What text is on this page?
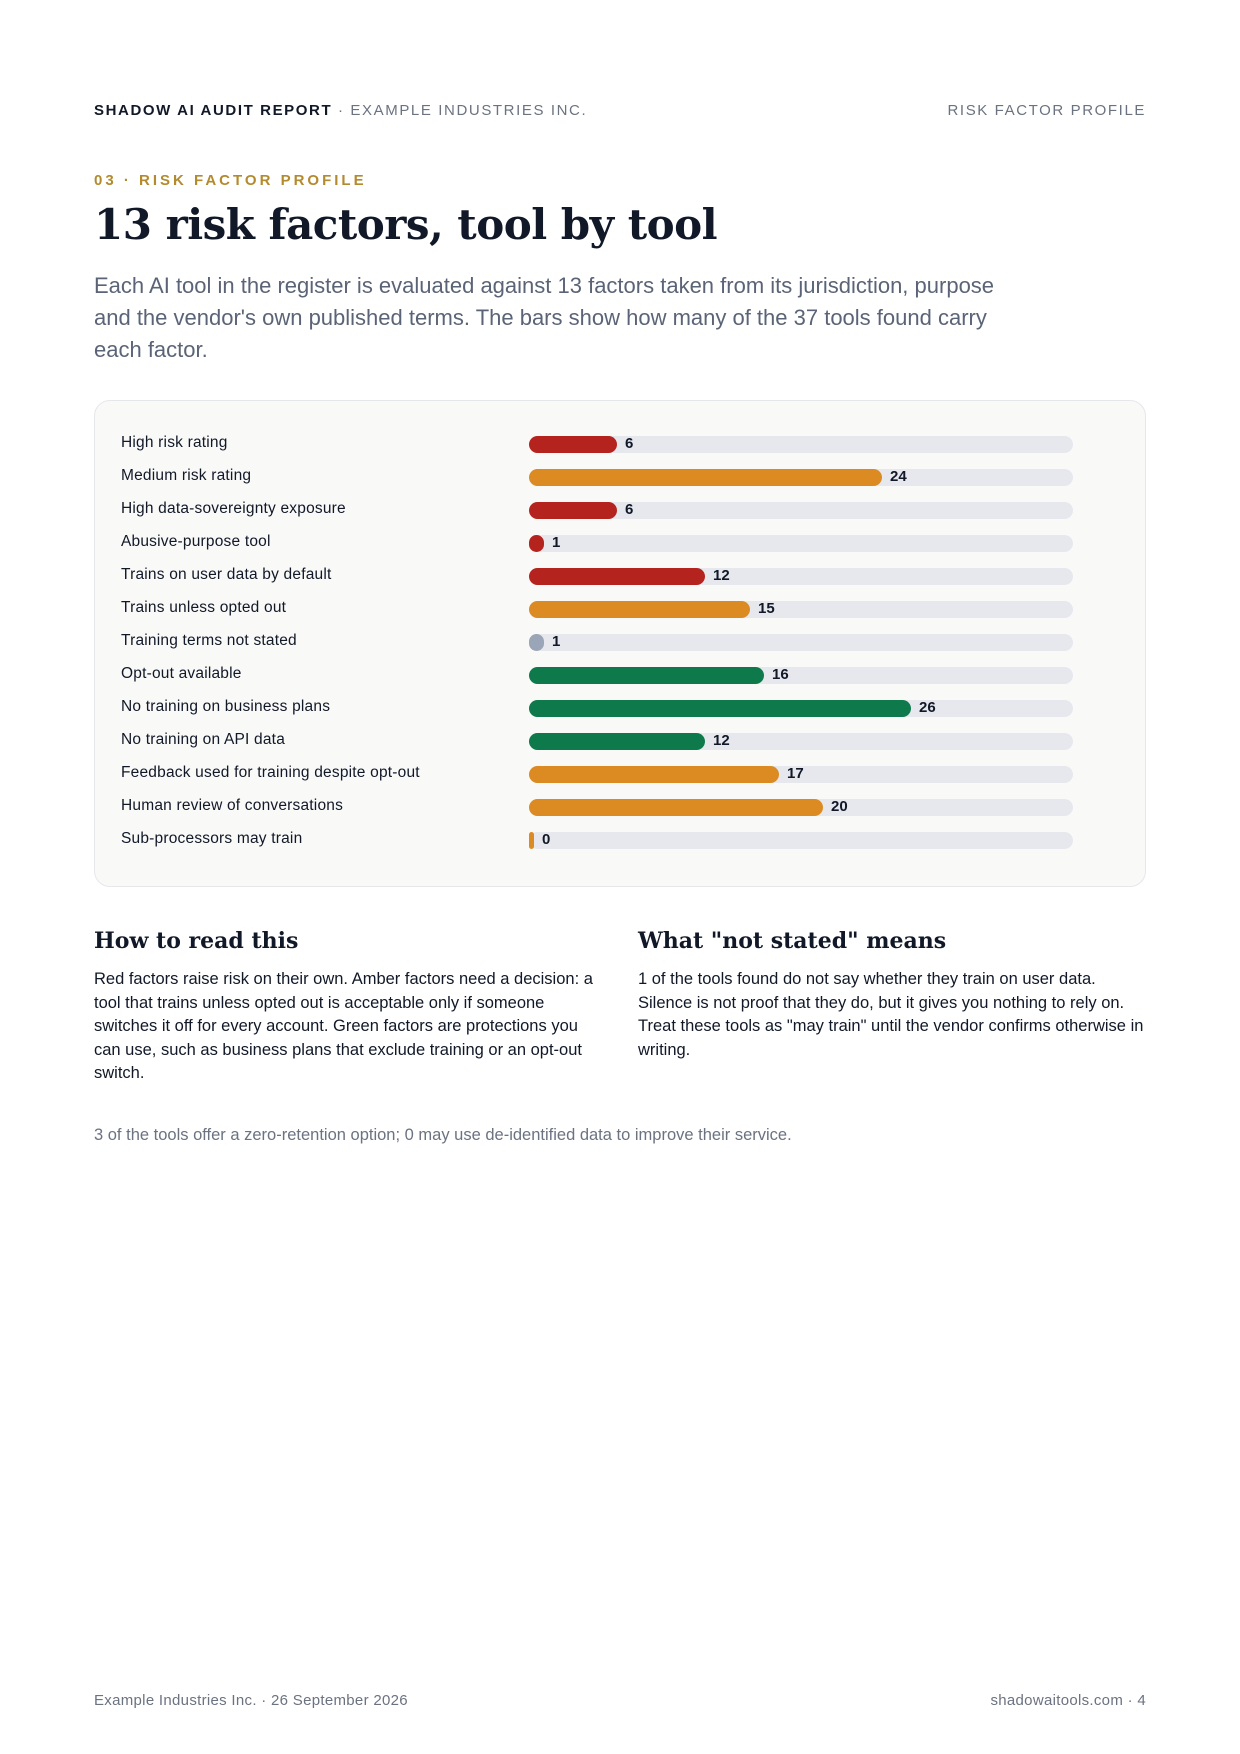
SHADOW AI AUDIT REPORT · EXAMPLE INDUSTRIES INC.	RISK FACTOR PROFILE
03 · RISK FACTOR PROFILE
13 risk factors, tool by tool

Each AI tool in the register is evaluated against 13 factors taken from its jurisdiction, purpose and the vendor's own published terms. The bars show how many of the 37 tools found carry each factor.

High risk rating	6
Medium risk rating	24
High data-sovereignty exposure	6
Abusive-purpose tool	1
Trains on user data by default	12
Trains unless opted out	15
Training terms not stated	1
Opt-out available	16
No training on business plans	26
No training on API data	12
Feedback used for training despite opt-out	17
Human review of conversations	20
Sub-processors may train	0
How to read this

Red factors raise risk on their own. Amber factors need a decision: a tool that trains unless opted out is acceptable only if someone switches it off for every account. Green factors are protections you can use, such as business plans that exclude training or an opt-out switch.

What "not stated" means

1 of the tools found do not say whether they train on user data. Silence is not proof that they do, but it gives you nothing to rely on. Treat these tools as "may train" until the vendor confirms otherwise in writing.

3 of the tools offer a zero-retention option; 0 may use de-identified data to improve their service.

Example Industries Inc. · 26 September 2026	shadowaitools.com · 4
